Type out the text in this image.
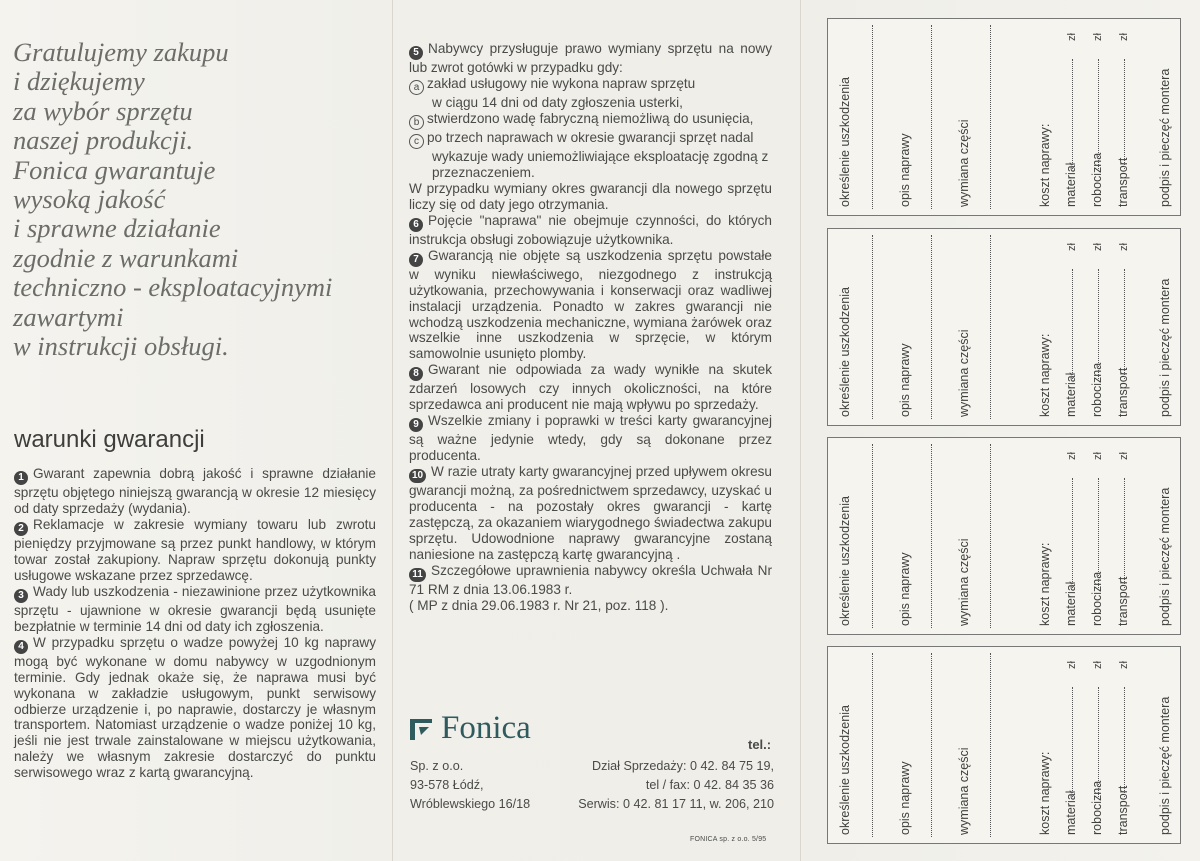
Gratulujemy zakupu
i dziękujemy
za wybór sprzętu
naszej produkcji.
Fonica gwarantuje
wysoką jakość
i sprawne działanie
zgodnie z warunkami
techniczno - eksploatacyjnymi
zawartymi
w instrukcji obsługi.
warunki gwarancji

1 Gwarant zapewnia dobrą jakość i sprawne działanie sprzętu objętego niniejszą gwarancją w okresie 12 miesięcy od daty sprzedaży (wydania).

2 Reklamacje w zakresie wymiany towaru lub zwrotu pieniędzy przyjmowane są przez punkt handlowy, w którym towar został zakupiony. Napraw sprzętu dokonują punkty usługowe wskazane przez sprzedawcę.

3 Wady lub uszkodzenia - niezawinione przez użytkownika sprzętu - ujawnione w okresie gwarancji będą usunięte bezpłatnie w terminie 14 dni od daty ich zgłoszenia.

4 W przypadku sprzętu o wadze powyżej 10 kg naprawy mogą być wykonane w domu nabywcy w uzgodnionym terminie. Gdy jednak okaże się, że naprawa musi być wykonana w zakładzie usługowym, punkt serwisowy odbierze urządzenie i, po naprawie, dostarczy je własnym transportem. Natomiast urządzenie o wadze poniżej 10 kg, jeśli nie jest trwale zainstalowane w miejscu użytkowania, należy we własnym zakresie dostarczyć do punktu serwisowego wraz z kartą gwarancyjną.

5 Nabywcy przysługuje prawo wymiany sprzętu na nowy lub zwrot gotówki w przypadku gdy:

a zakład usługowy nie wykona napraw sprzętu

w ciągu 14 dni od daty zgłoszenia usterki,

b stwierdzono wadę fabryczną niemożliwą do usunięcia,

c po trzech naprawach w okresie gwarancji sprzęt nadal

wykazuje wady uniemożliwiające eksploatację zgodną z

przeznaczeniem.

W przypadku wymiany okres gwarancji dla nowego sprzętu liczy się od daty jego otrzymania.

6 Pojęcie "naprawa" nie obejmuje czynności, do których instrukcja obsługi zobowiązuje użytkownika.

7 Gwarancją nie objęte są uszkodzenia sprzętu powstałe w wyniku niewłaściwego, niezgodnego z instrukcją użytkowania, przechowywania i konserwacji oraz wadliwej instalacji urządzenia. Ponadto w zakres gwarancji nie wchodzą uszkodzenia mechaniczne, wymiana żarówek oraz wszelkie inne uszkodzenia w sprzęcie, w którym samowolnie usunięto plomby.

8 Gwarant nie odpowiada za wady wynikłe na skutek zdarzeń losowych czy innych okoliczności, na które sprzedawca ani producent nie mają wpływu po sprzedaży.

9 Wszelkie zmiany i poprawki w treści karty gwarancyjnej są ważne jedynie wtedy, gdy są dokonane przez producenta.

10 W razie utraty karty gwarancyjnej przed upływem okresu gwarancji możną, za pośrednictwem sprzedawcy, uzyskać u producenta - na pozostały okres gwarancji - kartę zastępczą, za okazaniem wiarygodnego świadectwa zakupu sprzętu. Udowodnione naprawy gwarancyjne zostaną naniesione na zastępczą kartę gwarancyjną .

11 Szczegółowe uprawnienia nabywcy określa Uchwała Nr 71 RM z dnia 13.06.1983 r.

( MP z dnia 29.06.1983 r. Nr 21, poz. 118 ).

Fonica
Sp. z o.o.
93-578 Łódź,
Wróblewskiego 16/18
tel.:
Dział Sprzedaży: 0 42. 84 75 19,
tel / fax: 0 42. 84 35 36
Serwis: 0 42. 81 17 11, w. 206, 210
FONICA sp. z o.o. 5/95
określenie uszkodzenia	opis naprawy	wymiana części	koszt naprawy: materiał
zł
robocizna
zł
transport
zł
podpis i pieczęć montera
określenie uszkodzenia	opis naprawy	wymiana części	koszt naprawy: materiał
zł
robocizna
zł
transport
zł
podpis i pieczęć montera
określenie uszkodzenia	opis naprawy	wymiana części	koszt naprawy: materiał
zł
robocizna
zł
transport
zł
podpis i pieczęć montera
określenie uszkodzenia	opis naprawy	wymiana części	koszt naprawy: materiał
zł
robocizna
zł
transport
zł
podpis i pieczęć montera
